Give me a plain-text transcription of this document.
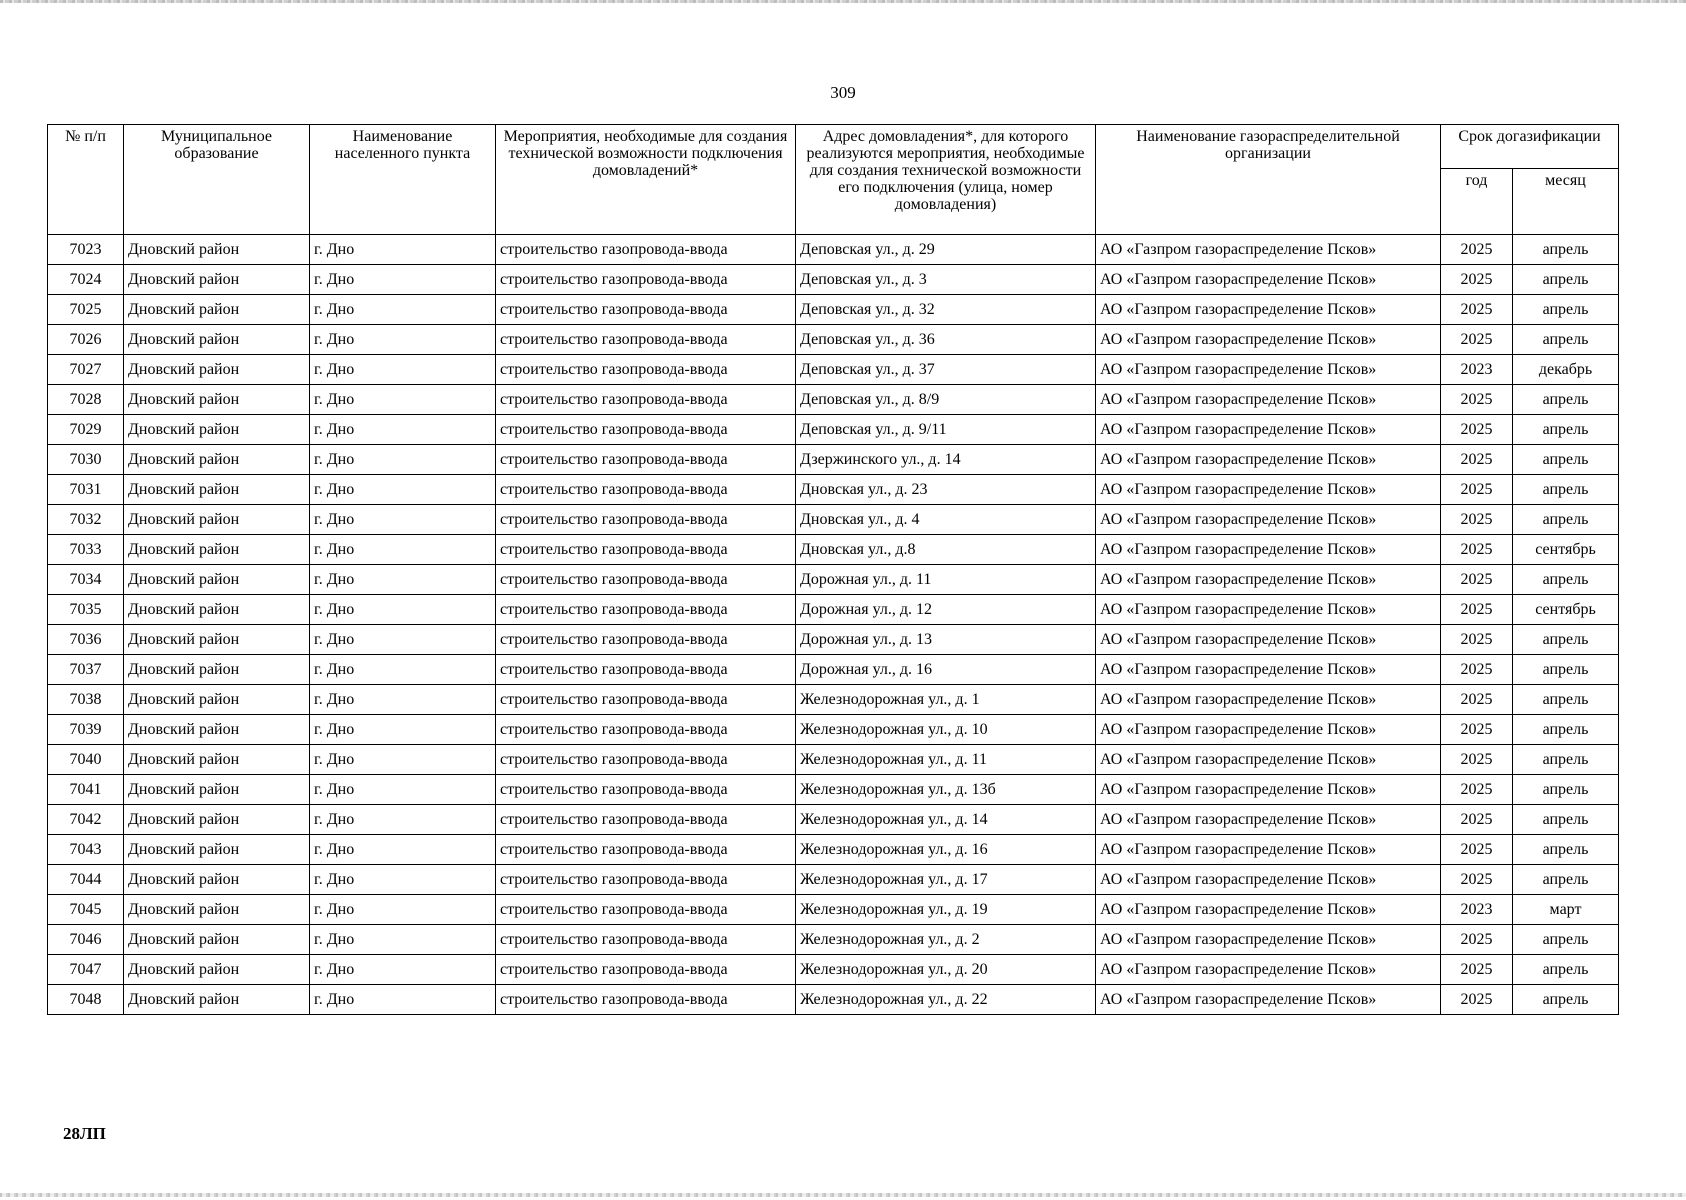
309
№ п/п	Муниципальное образование	Наименование населенного пункта	Мероприятия, необходимые для создания технической возможности подключения домовладений*	Адрес домовладения*, для которого реализуются мероприятия, необходимые для создания технической возможности его подключения (улица, номер домовладения)	Наименование газораспределительной организации	Срок догазификации	
						год	месяц
7023	Дновский район	г. Дно	строительство газопровода-ввода	Деповская ул., д. 29	АО «Газпром газораспределение Псков»	2025	апрель
7024	Дновский район	г. Дно	строительство газопровода-ввода	Деповская ул., д. 3	АО «Газпром газораспределение Псков»	2025	апрель
7025	Дновский район	г. Дно	строительство газопровода-ввода	Деповская ул., д. 32	АО «Газпром газораспределение Псков»	2025	апрель
7026	Дновский район	г. Дно	строительство газопровода-ввода	Деповская ул., д. 36	АО «Газпром газораспределение Псков»	2025	апрель
7027	Дновский район	г. Дно	строительство газопровода-ввода	Деповская ул., д. 37	АО «Газпром газораспределение Псков»	2023	декабрь
7028	Дновский район	г. Дно	строительство газопровода-ввода	Деповская ул., д. 8/9	АО «Газпром газораспределение Псков»	2025	апрель
7029	Дновский район	г. Дно	строительство газопровода-ввода	Деповская ул., д. 9/11	АО «Газпром газораспределение Псков»	2025	апрель
7030	Дновский район	г. Дно	строительство газопровода-ввода	Дзержинского ул., д. 14	АО «Газпром газораспределение Псков»	2025	апрель
7031	Дновский район	г. Дно	строительство газопровода-ввода	Дновская ул., д. 23	АО «Газпром газораспределение Псков»	2025	апрель
7032	Дновский район	г. Дно	строительство газопровода-ввода	Дновская ул., д. 4	АО «Газпром газораспределение Псков»	2025	апрель
7033	Дновский район	г. Дно	строительство газопровода-ввода	Дновская ул., д.8	АО «Газпром газораспределение Псков»	2025	сентябрь
7034	Дновский район	г. Дно	строительство газопровода-ввода	Дорожная ул., д. 11	АО «Газпром газораспределение Псков»	2025	апрель
7035	Дновский район	г. Дно	строительство газопровода-ввода	Дорожная ул., д. 12	АО «Газпром газораспределение Псков»	2025	сентябрь
7036	Дновский район	г. Дно	строительство газопровода-ввода	Дорожная ул., д. 13	АО «Газпром газораспределение Псков»	2025	апрель
7037	Дновский район	г. Дно	строительство газопровода-ввода	Дорожная ул., д. 16	АО «Газпром газораспределение Псков»	2025	апрель
7038	Дновский район	г. Дно	строительство газопровода-ввода	Железнодорожная ул., д. 1	АО «Газпром газораспределение Псков»	2025	апрель
7039	Дновский район	г. Дно	строительство газопровода-ввода	Железнодорожная ул., д. 10	АО «Газпром газораспределение Псков»	2025	апрель
7040	Дновский район	г. Дно	строительство газопровода-ввода	Железнодорожная ул., д. 11	АО «Газпром газораспределение Псков»	2025	апрель
7041	Дновский район	г. Дно	строительство газопровода-ввода	Железнодорожная ул., д. 13б	АО «Газпром газораспределение Псков»	2025	апрель
7042	Дновский район	г. Дно	строительство газопровода-ввода	Железнодорожная ул., д. 14	АО «Газпром газораспределение Псков»	2025	апрель
7043	Дновский район	г. Дно	строительство газопровода-ввода	Железнодорожная ул., д. 16	АО «Газпром газораспределение Псков»	2025	апрель
7044	Дновский район	г. Дно	строительство газопровода-ввода	Железнодорожная ул., д. 17	АО «Газпром газораспределение Псков»	2025	апрель
7045	Дновский район	г. Дно	строительство газопровода-ввода	Железнодорожная ул., д. 19	АО «Газпром газораспределение Псков»	2023	март
7046	Дновский район	г. Дно	строительство газопровода-ввода	Железнодорожная ул., д. 2	АО «Газпром газораспределение Псков»	2025	апрель
7047	Дновский район	г. Дно	строительство газопровода-ввода	Железнодорожная ул., д. 20	АО «Газпром газораспределение Псков»	2025	апрель
7048	Дновский район	г. Дно	строительство газопровода-ввода	Железнодорожная ул., д. 22	АО «Газпром газораспределение Псков»	2025	апрель
28ЛП
